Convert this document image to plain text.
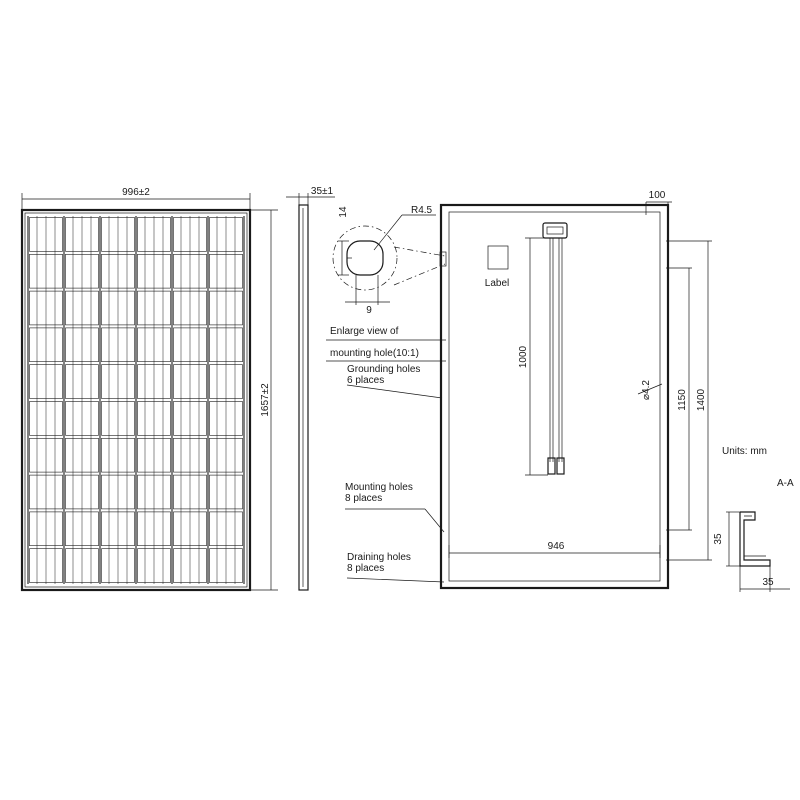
996±2
1657±2
35±1
14
9
R4.5
Enlarge view of
mounting hole(10:1)
Label
1000
100
1400
1150
⌀4.2
946
Units: mm
Grounding holes
6 places
Mounting holes
8 places
Draining holes
8 places
A-A
35
35
